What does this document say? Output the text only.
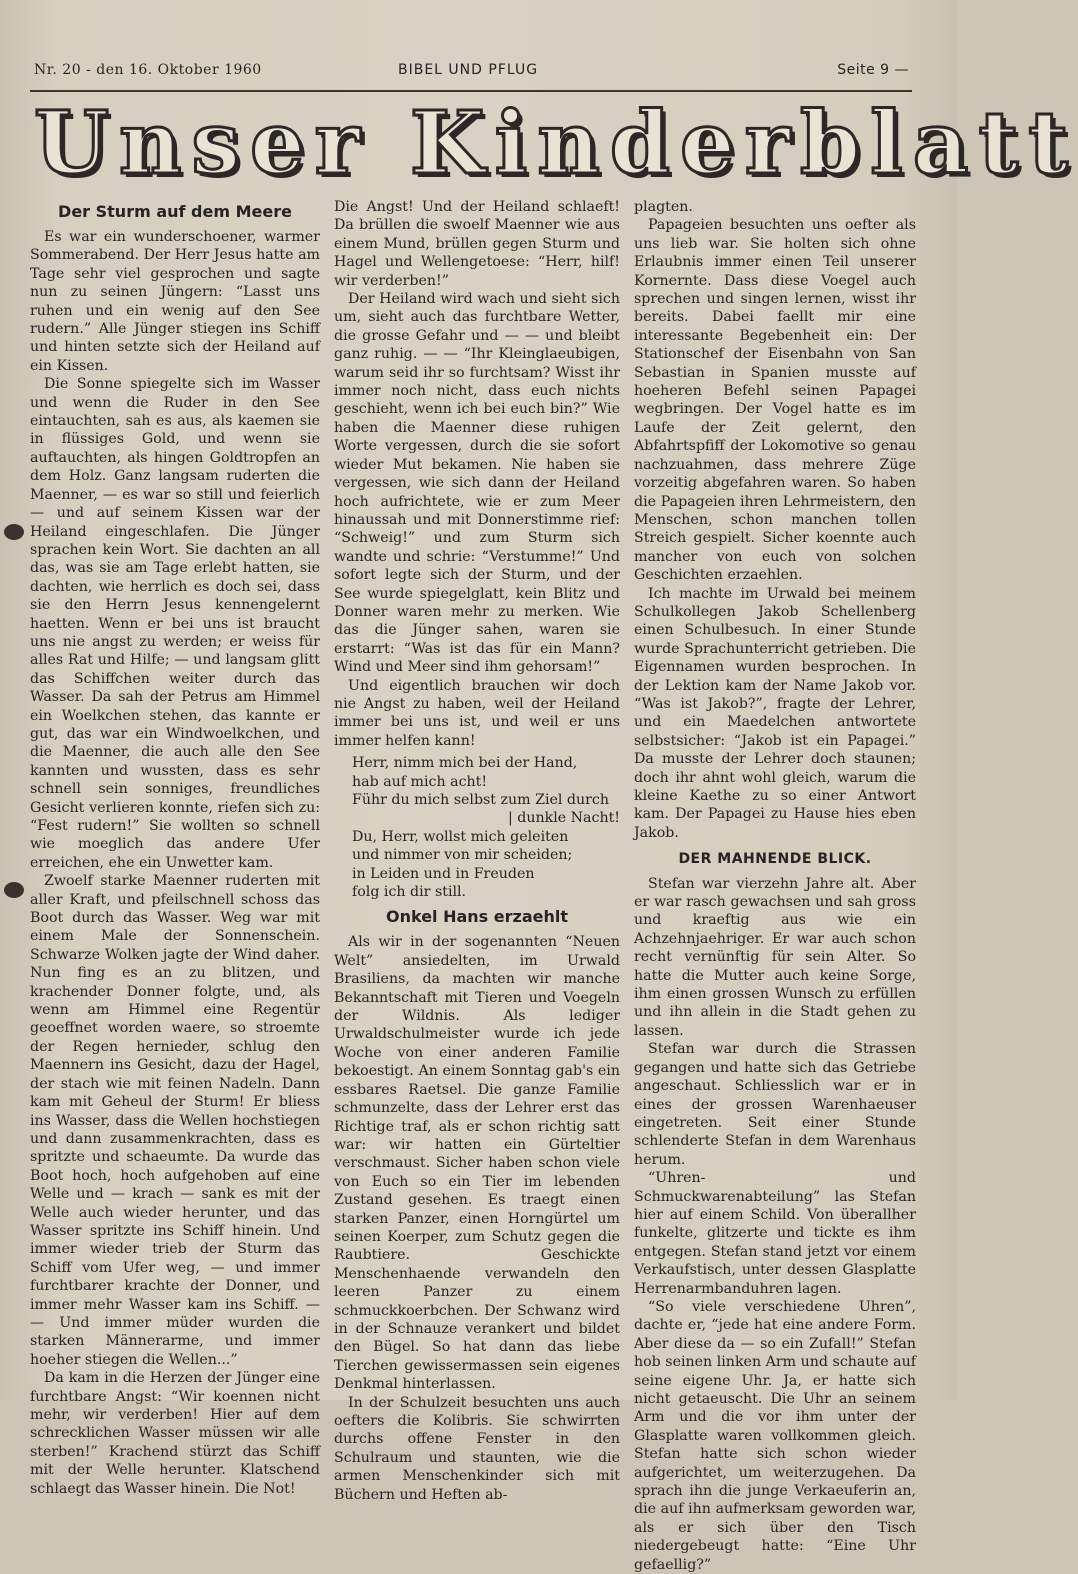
Nr. 20 - den 16. Oktober 1960	BIBEL UND PFLUG	Seite 9 —
Unser Kinderblatt
Der Sturm auf dem Meere

Es war ein wunderschoener, warmer Sommerabend. Der Herr Jesus hatte am Tage sehr viel gesprochen und sagte nun zu seinen Jüngern: “Lasst uns ruhen und ein wenig auf den See rudern.” Alle Jünger stiegen ins Schiff und hinten setzte sich der Heiland auf ein Kissen.

Die Sonne spiegelte sich im Wasser und wenn die Ruder in den See eintauchten, sah es aus, als kaemen sie in flüssiges Gold, und wenn sie auftauchten, als hingen Goldtropfen an dem Holz. Ganz langsam ruderten die Maenner, — es war so still und feierlich — und auf seinem Kissen war der Heiland eingeschlafen. Die Jünger sprachen kein Wort. Sie dachten an all das, was sie am Tage erlebt hatten, sie dachten, wie herrlich es doch sei, dass sie den Herrn Jesus kennengelernt haetten. Wenn er bei uns ist braucht uns nie angst zu werden; er weiss für alles Rat und Hilfe; — und langsam glitt das Schiffchen weiter durch das Wasser. Da sah der Petrus am Himmel ein Woelkchen stehen, das kannte er gut, das war ein Windwoelkchen, und die Maenner, die auch alle den See kannten und wussten, dass es sehr schnell sein sonniges, freundliches Gesicht verlieren konnte, riefen sich zu: “Fest rudern!” Sie wollten so schnell wie moeglich das andere Ufer erreichen, ehe ein Unwetter kam.

Zwoelf starke Maenner ruderten mit aller Kraft, und pfeilschnell schoss das Boot durch das Wasser. Weg war mit einem Male der Sonnenschein. Schwarze Wolken jagte der Wind daher. Nun fing es an zu blitzen, und krachender Donner folgte, und, als wenn am Himmel eine Regentür geoeffnet worden waere, so stroemte der Regen hernieder, schlug den Maennern ins Gesicht, dazu der Hagel, der stach wie mit feinen Nadeln. Dann kam mit Geheul der Sturm! Er bliess ins Wasser, dass die Wellen hochstiegen und dann zusammenkrachten, dass es spritzte und schaeumte. Da wurde das Boot hoch, hoch aufgehoben auf eine Welle und — krach — sank es mit der Welle auch wieder herunter, und das Wasser spritzte ins Schiff hinein. Und immer wieder trieb der Sturm das Schiff vom Ufer weg, — und immer furchtbarer krachte der Donner, und immer mehr Wasser kam ins Schiff. — — Und immer müder wurden die starken Männerarme, und immer hoeher stiegen die Wellen...”

Da kam in die Herzen der Jünger eine furchtbare Angst: “Wir koennen nicht mehr, wir verderben! Hier auf dem schrecklichen Wasser müssen wir alle sterben!” Krachend stürzt das Schiff mit der Welle herunter. Klatschend schlaegt das Wasser hinein. Die Not!

Die Angst! Und der Heiland schlaeft! Da brüllen die swoelf Maenner wie aus einem Mund, brüllen gegen Sturm und Hagel und Wellengetoese: “Herr, hilf! wir verderben!”

Der Heiland wird wach und sieht sich um, sieht auch das furchtbare Wetter, die grosse Gefahr und — — und bleibt ganz ruhig. — — “Ihr Kleinglaeubigen, warum seid ihr so furchtsam? Wisst ihr immer noch nicht, dass euch nichts geschieht, wenn ich bei euch bin?” Wie haben die Maenner diese ruhigen Worte vergessen, durch die sie sofort wieder Mut bekamen. Nie haben sie vergessen, wie sich dann der Heiland hoch aufrichtete, wie er zum Meer hinaussah und mit Donnerstimme rief: “Schweig!” und zum Sturm sich wandte und schrie: “Verstumme!” Und sofort legte sich der Sturm, und der See wurde spiegelglatt, kein Blitz und Donner waren mehr zu merken. Wie das die Jünger sahen, waren sie erstarrt: “Was ist das für ein Mann? Wind und Meer sind ihm gehorsam!”

Und eigentlich brauchen wir doch nie Angst zu haben, weil der Heiland immer bei uns ist, und weil er uns immer helfen kann!

Herr, nimm mich bei der Hand,
hab auf mich acht!
Führ du mich selbst zum Ziel durch
| dunkle Nacht!
Du, Herr, wollst mich geleiten
und nimmer von mir scheiden;
in Leiden und in Freuden
folg ich dir still.
Onkel Hans erzaehlt

Als wir in der sogenannten “Neuen Welt” ansiedelten, im Urwald Brasiliens, da machten wir manche Bekanntschaft mit Tieren und Voegeln der Wildnis. Als lediger Urwaldschulmeister wurde ich jede Woche von einer anderen Familie bekoestigt. An einem Sonntag gab's ein essbares Raetsel. Die ganze Familie schmunzelte, dass der Lehrer erst das Richtige traf, als er schon richtig satt war: wir hatten ein Gürteltier verschmaust. Sicher haben schon viele von Euch so ein Tier im lebenden Zustand gesehen. Es traegt einen starken Panzer, einen Horngürtel um seinen Koerper, zum Schutz gegen die Raubtiere. Geschickte Menschenhaende verwandeln den leeren Panzer zu einem schmuckkoerbchen. Der Schwanz wird in der Schnauze verankert und bildet den Bügel. So hat dann das liebe Tierchen gewissermassen sein eigenes Denkmal hinterlassen.

In der Schulzeit besuchten uns auch oefters die Kolibris. Sie schwirrten durchs offene Fenster in den Schulraum und staunten, wie die armen Menschenkinder sich mit Büchern und Heften ab-

plagten.

Papageien besuchten uns oefter als uns lieb war. Sie holten sich ohne Erlaubnis immer einen Teil unserer Kornernte. Dass diese Voegel auch sprechen und singen lernen, wisst ihr bereits. Dabei faellt mir eine interessante Begebenheit ein: Der Stationschef der Eisenbahn von San Sebastian in Spanien musste auf hoeheren Befehl seinen Papagei wegbringen. Der Vogel hatte es im Laufe der Zeit gelernt, den Abfahrtspfiff der Lokomotive so genau nachzuahmen, dass mehrere Züge vorzeitig abgefahren waren. So haben die Papageien ihren Lehrmeistern, den Menschen, schon manchen tollen Streich gespielt. Sicher koennte auch mancher von euch von solchen Geschichten erzaehlen.

Ich machte im Urwald bei meinem Schulkollegen Jakob Schellenberg einen Schulbesuch. In einer Stunde wurde Sprachunterricht getrieben. Die Eigennamen wurden besprochen. In der Lektion kam der Name Jakob vor. “Was ist Jakob?”, fragte der Lehrer, und ein Maedelchen antwortete selbstsicher: “Jakob ist ein Papagei.” Da musste der Lehrer doch staunen; doch ihr ahnt wohl gleich, warum die kleine Kaethe zu so einer Antwort kam. Der Papagei zu Hause hies eben Jakob.

DER MAHNENDE BLICK.

Stefan war vierzehn Jahre alt. Aber er war rasch gewachsen und sah gross und kraeftig aus wie ein Achzehnjaehriger. Er war auch schon recht vernünftig für sein Alter. So hatte die Mutter auch keine Sorge, ihm einen grossen Wunsch zu erfüllen und ihn allein in die Stadt gehen zu lassen.

Stefan war durch die Strassen gegangen und hatte sich das Getriebe angeschaut. Schliesslich war er in eines der grossen Warenhaeuser eingetreten. Seit einer Stunde schlenderte Stefan in dem Warenhaus herum.

“Uhren- und Schmuckwarenabteilung” las Stefan hier auf einem Schild. Von überallher funkelte, glitzerte und tickte es ihm entgegen. Stefan stand jetzt vor einem Verkaufstisch, unter dessen Glasplatte Herrenarmbanduhren lagen.

“So viele verschiedene Uhren”, dachte er, “jede hat eine andere Form. Aber diese da — so ein Zufall!” Stefan hob seinen linken Arm und schaute auf seine eigene Uhr. Ja, er hatte sich nicht getaeuscht. Die Uhr an seinem Arm und die vor ihm unter der Glasplatte waren vollkommen gleich. Stefan hatte sich schon wieder aufgerichtet, um weiterzugehen. Da sprach ihn die junge Verkaeuferin an, die auf ihn aufmerksam geworden war, als er sich über den Tisch niedergebeugt hatte: “Eine Uhr gefaellig?”
